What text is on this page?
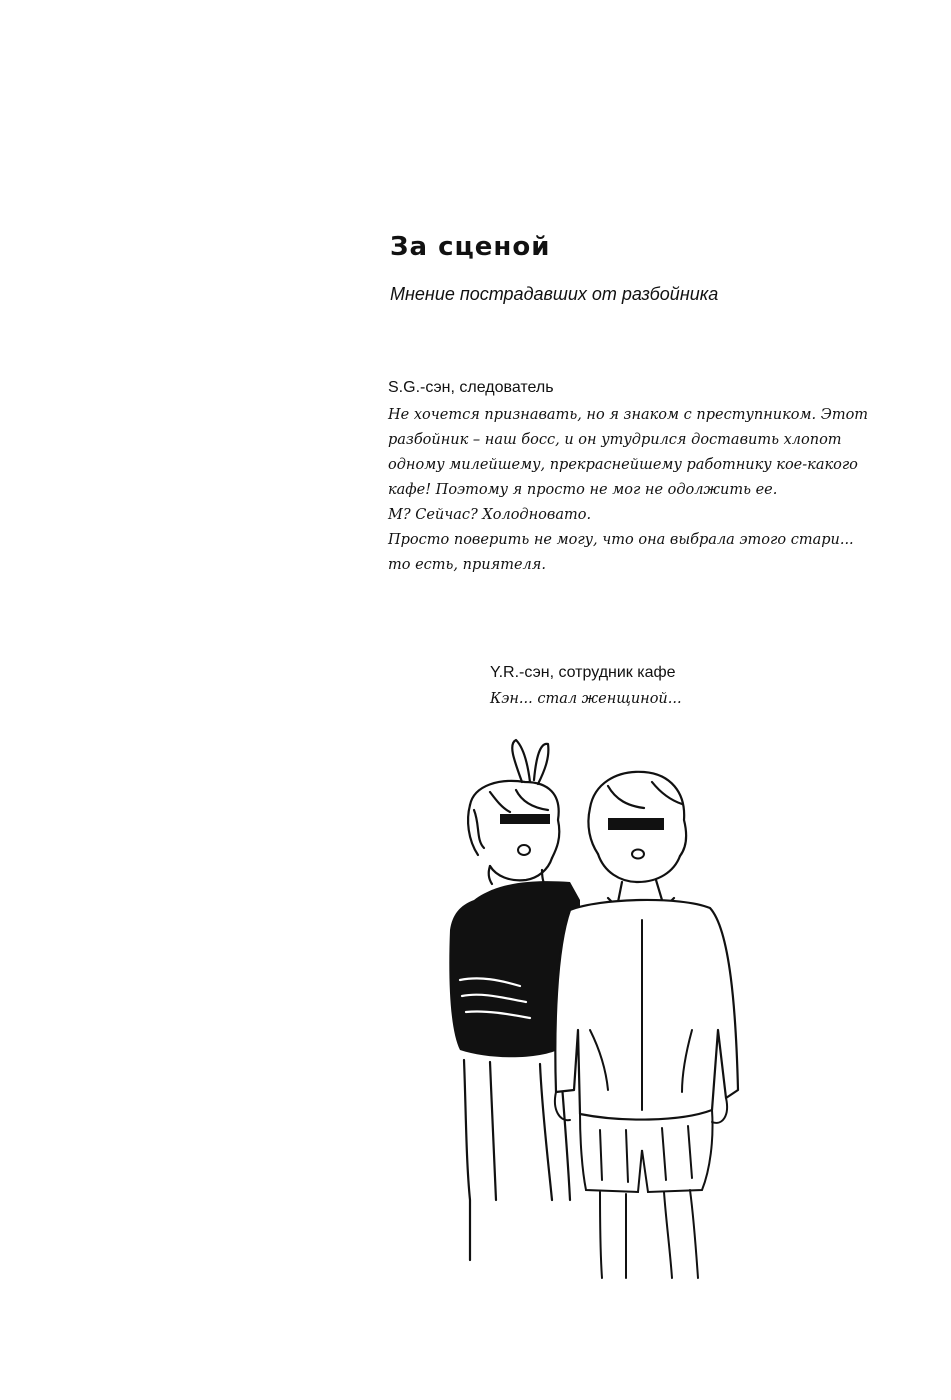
За сценой
Мнение пострадавших от разбойника
S.G.-сэн, следователь
Не хочется признавать, но я знаком с преступником. Этот
разбойник – наш босс, и он утудрился доставить хлопот
одному милейшему, прекраснейшему работнику кое-какого
кафе! Поэтому я просто не мог не одолжить ее.
М? Сейчас? Холодновато.
Просто поверить не могу, что она выбрала этого стари...
то есть, приятеля.
Y.R.-сэн, сотрудник кафе
Кэн... стал женщиной...
